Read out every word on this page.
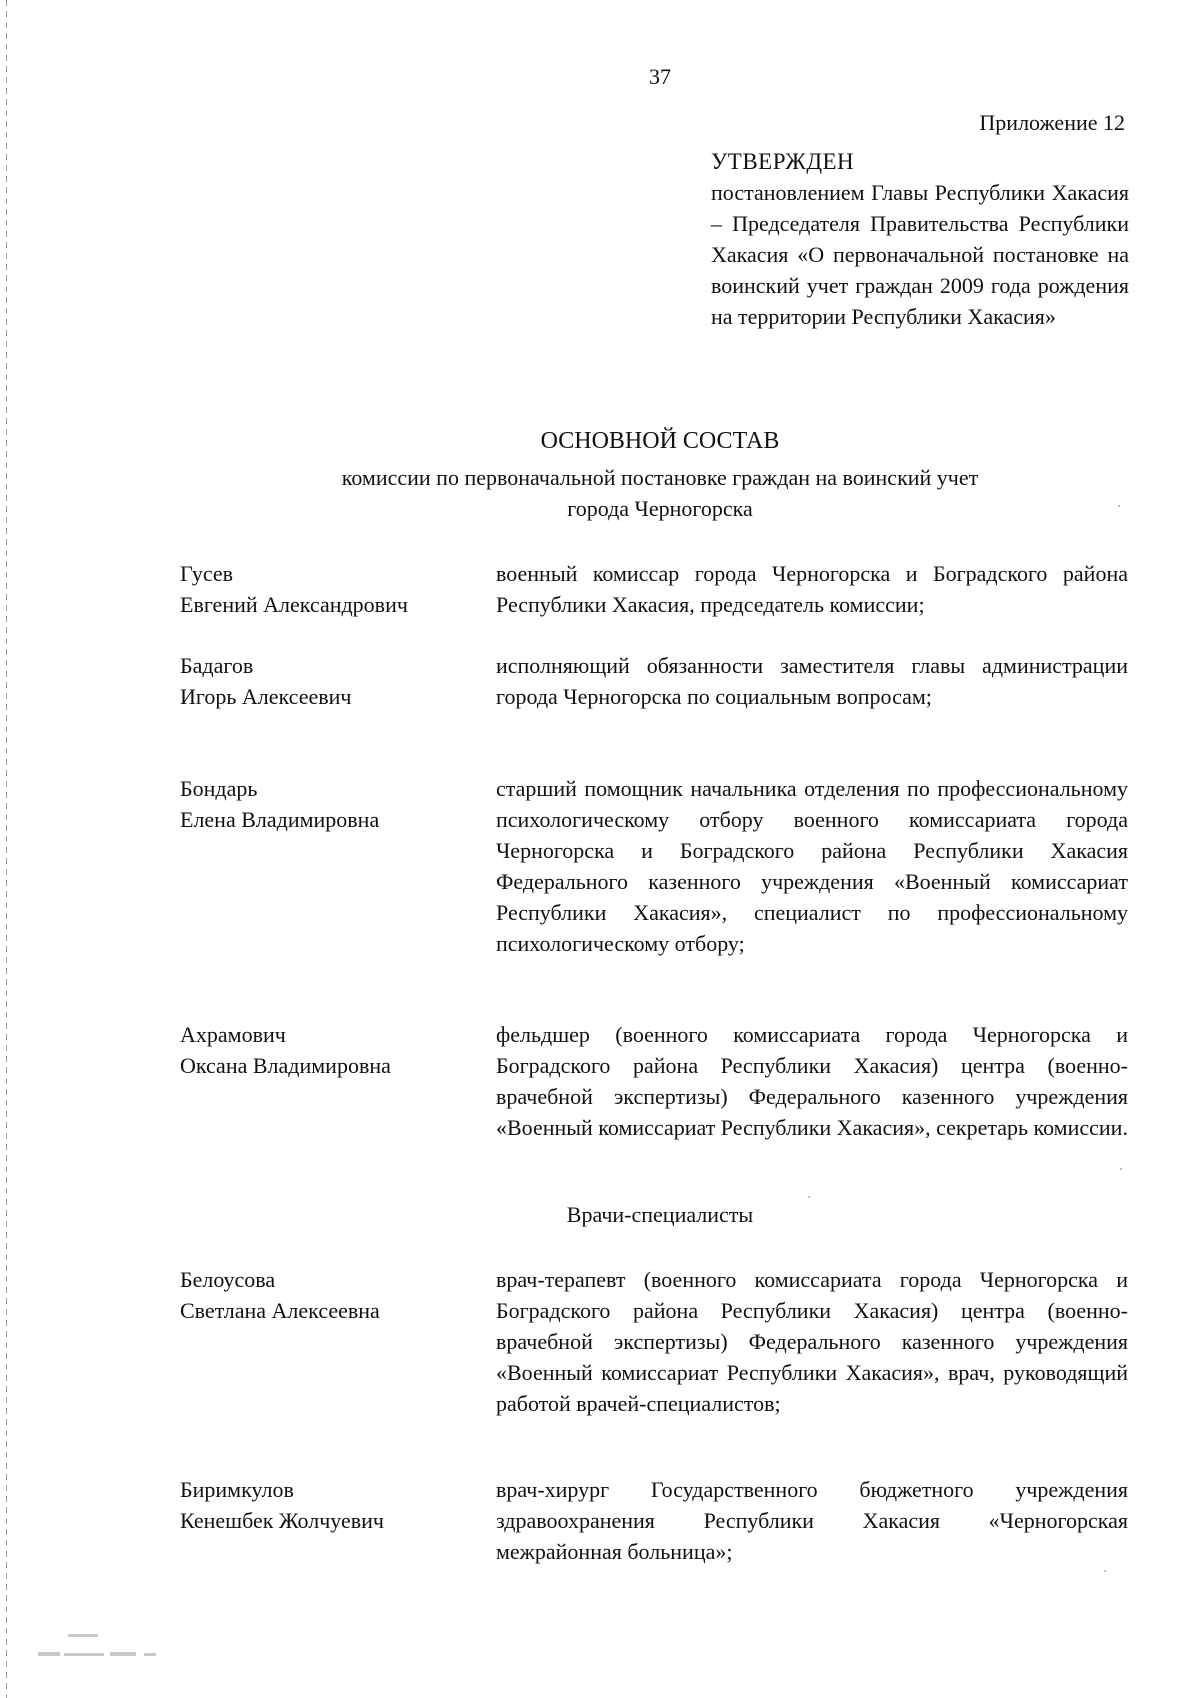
37
Приложение 12
УТВЕРЖДЕН
постановлением Главы Республики Хакасия – Председателя Правительства Республики Хакасия «О первоначальной постановке на воинский учет граждан 2009 года рождения на территории Республики Хакасия»
ОСНОВНОЙ СОСТАВ
комиссии по первоначальной постановке граждан на воинский учет
города Черногорска
Гусев
Евгений Александрович
военный комиссар города Черногорска и Боградского района Республики Хакасия, председатель комиссии;
Бадагов
Игорь Алексеевич
исполняющий обязанности заместителя главы администрации города Черногорска по социальным вопросам;
Бондарь
Елена Владимировна
старший помощник начальника отделения по профессиональному психологическому отбору военного комиссариата города Черногорска и Боградского района Республики Хакасия Федерального казенного учреждения «Военный комиссариат Республики Хакасия», специалист по профессиональному психологическому отбору;
Ахрамович
Оксана Владимировна
фельдшер (военного комиссариата города Черногорска и Боградского района Республики Хакасия) центра (военно-врачебной экспертизы) Федерального казенного учреждения «Военный комиссариат Республики Хакасия», секретарь комиссии.
Врачи-специалисты
Белоусова
Светлана Алексеевна
врач-терапевт (военного комиссариата города Черногорска и Боградского района Республики Хакасия) центра (военно-врачебной экспертизы) Федерального казенного учреждения «Военный комиссариат Республики Хакасия», врач, руководящий работой врачей-специалистов;
Биримкулов
Кенешбек Жолчуевич
врач-хирург Государственного бюджетного учреждения здравоохранения Республики Хакасия «Черногорская межрайонная больница»;
